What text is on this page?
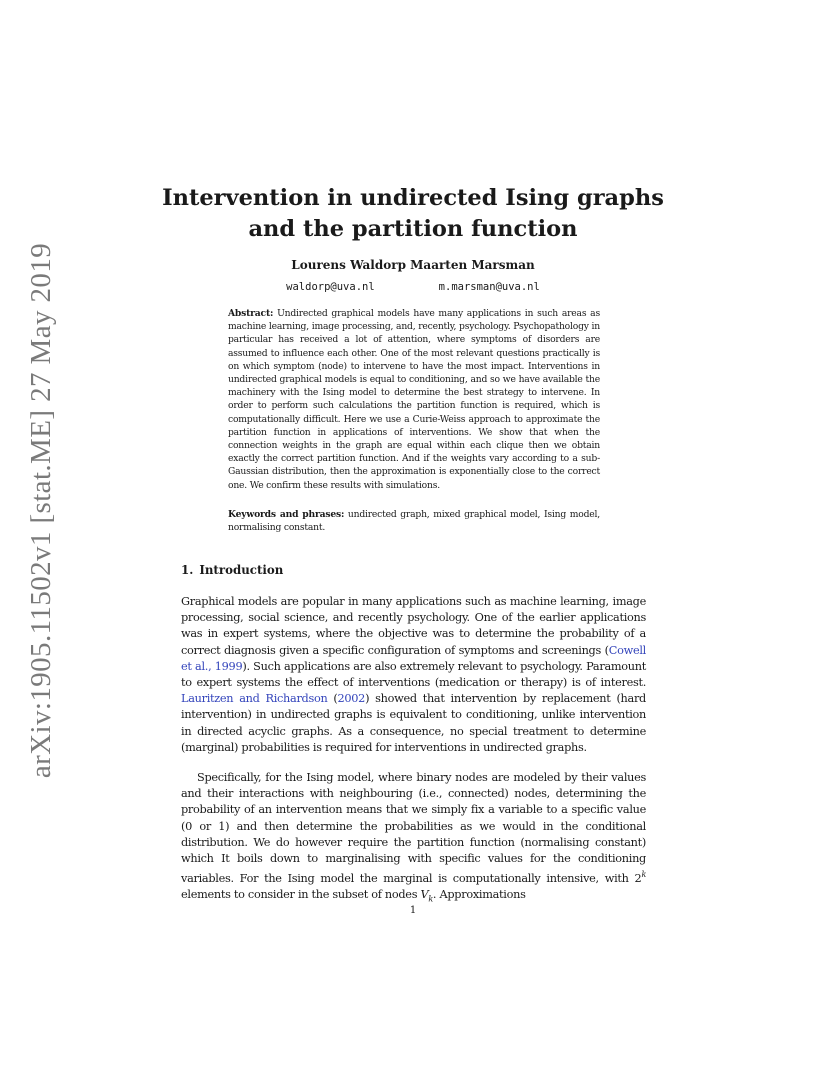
arXiv:1905.11502v1 [stat.ME] 27 May 2019
Intervention in undirected Ising graphs
and the partition function
Lourens Waldorp Maarten Marsman
waldorp@uva.nl	m.marsman@uva.nl

Abstract: Undirected graphical models have many applications in such areas as machine learning, image processing, and, recently, psychology. Psychopathology in particular has received a lot of attention, where symptoms of disorders are assumed to influence each other. One of the most relevant questions practically is on which symptom (node) to intervene to have the most impact. Interventions in undirected graphical models is equal to conditioning, and so we have available the machinery with the Ising model to determine the best strategy to intervene. In order to perform such calculations the partition function is required, which is computationally difficult. Here we use a Curie-Weiss approach to approximate the partition function in applications of interventions. We show that when the connection weights in the graph are equal within each clique then we obtain exactly the correct partition function. And if the weights vary according to a sub-Gaussian distribution, then the approximation is exponentially close to the correct one. We confirm these results with simulations.

Keywords and phrases: undirected graph, mixed graphical model, Ising model, normalising constant.

1. Introduction

Graphical models are popular in many applications such as machine learning, image processing, social science, and recently psychology. One of the earlier applications was in expert systems, where the objective was to determine the probability of a correct diagnosis given a specific configuration of symptoms and screenings (Cowell et al., 1999). Such applications are also extremely relevant to psychology. Paramount to expert systems the effect of interventions (medication or therapy) is of interest. Lauritzen and Richardson (2002) showed that intervention by replacement (hard intervention) in undirected graphs is equivalent to conditioning, unlike intervention in directed acyclic graphs. As a consequence, no special treatment to determine (marginal) probabilities is required for interventions in undirected graphs.

Specifically, for the Ising model, where binary nodes are modeled by their values and their interactions with neighbouring (i.e., connected) nodes, determining the probability of an intervention means that we simply fix a variable to a specific value (0 or 1) and then determine the probabilities as we would in the conditional distribution. We do however require the partition function (normalising constant) which It boils down to marginalising with specific values for the conditioning variables. For the Ising model the marginal is computationally intensive, with 2$^k$ elements to consider in the subset of nodes $V_k$. Approximations

1
